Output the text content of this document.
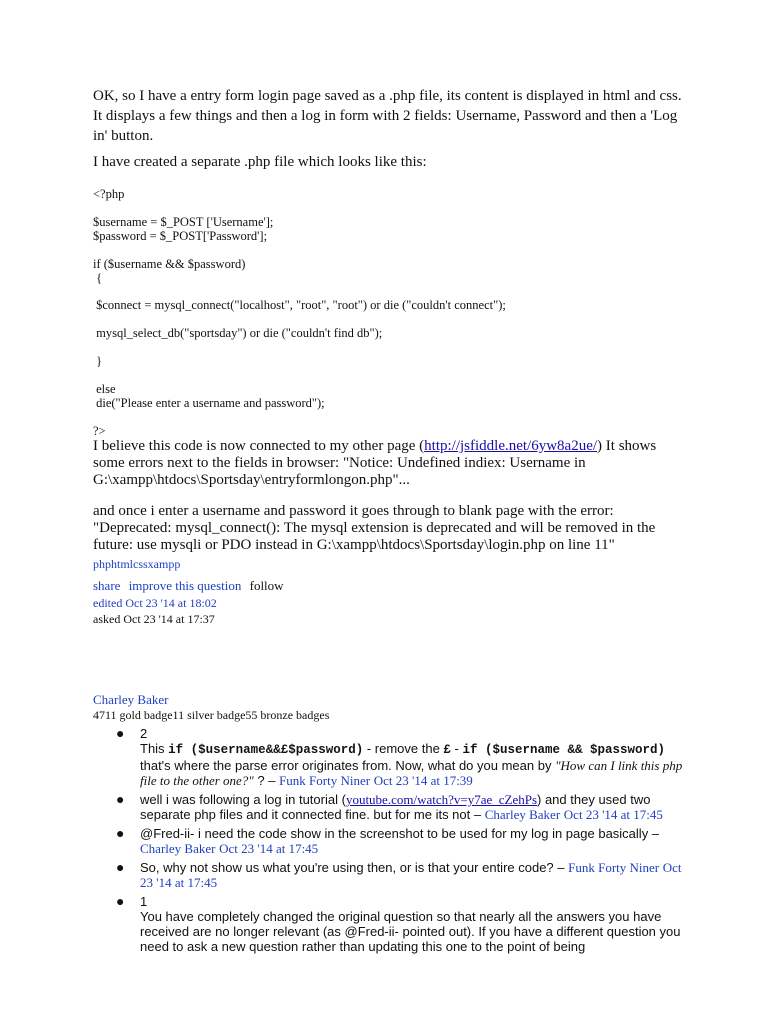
OK, so I have a entry form login page saved as a .php file, its content is displayed in html and css. It displays a few things and then a log in form with 2 fields: Username, Password and then a 'Log in' button.

I have created a separate .php file which looks like this:

<?php
$username = $_POST ['Username'];
$password = $_POST['Password'];
if ($username && $password)
{
$connect = mysql_connect("localhost", "root", "root") or die ("couldn't connect");
mysql_select_db("sportsday") or die ("couldn't find db");
}
else
die("Please enter a username and password");
?>

I believe this code is now connected to my other page (http://jsfiddle.net/6yw8a2ue/) It shows some errors next to the fields in browser: "Notice: Undefined indiex: Username in G:\xampp\htdocs\Sportsday\entryformlongon.php"...

and once i enter a username and password it goes through to blank page with the error: "Deprecated: mysql_connect(): The mysql extension is deprecated and will be removed in the future: use mysqli or PDO instead in G:\xampp\htdocs\Sportsday\login.php on line 11"

phphtmlcssxampp
share improve this question follow
edited Oct 23 '14 at 18:02
asked Oct 23 '14 at 17:37
Charley Baker
4711 gold badge11 silver badge55 bronze badges
● 2
This if ($username&&£$password) - remove the £ - if ($username && $password) that's where the parse error originates from. Now, what do you mean by "How can I link this php file to the other one?" ? – Funk Forty Niner Oct 23 '14 at 17:39
● well i was following a log in tutorial (youtube.com/watch?v=y7ae_cZehPs) and they used two separate php files and it connected fine. but for me its not – Charley Baker Oct 23 '14 at 17:45
● @Fred-ii- i need the code show in the screenshot to be used for my log in page basically – Charley Baker Oct 23 '14 at 17:45
● So, why not show us what you're using then, or is that your entire code? – Funk Forty Niner Oct 23 '14 at 17:45
● 1
You have completely changed the original question so that nearly all the answers you have received are no longer relevant (as @Fred-ii- pointed out). If you have a different question you need to ask a new question rather than updating this one to the point of being
